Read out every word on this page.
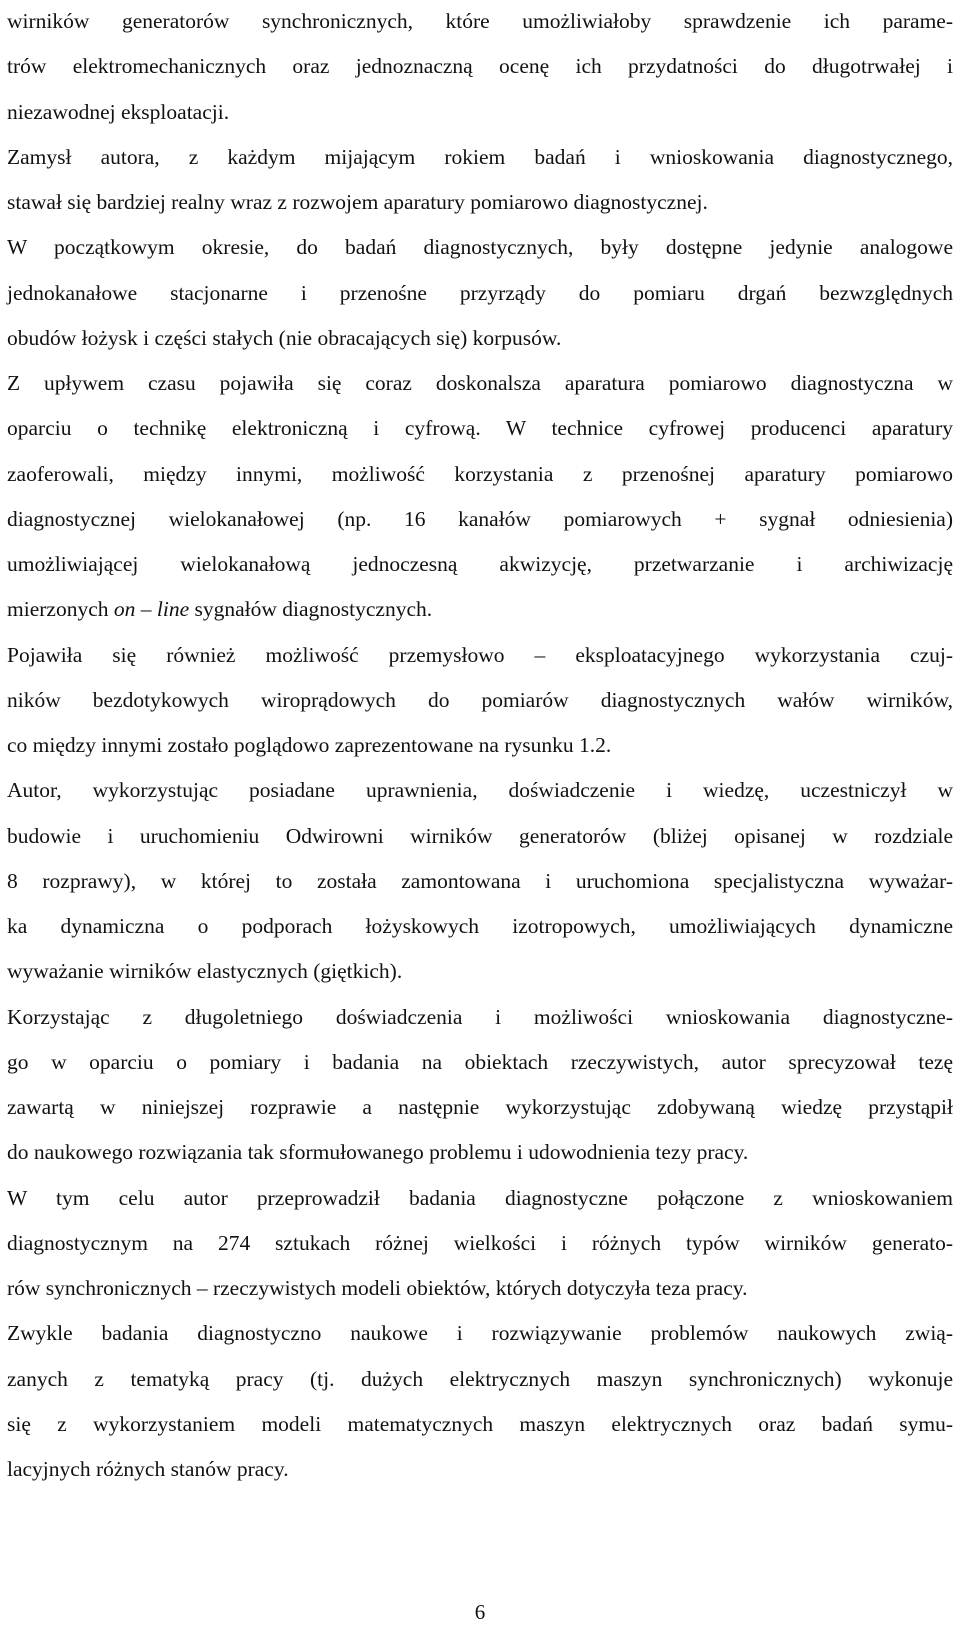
wirników generatorów synchronicznych, które umożliwiałoby sprawdzenie ich parame-
trów elektromechanicznych oraz jednoznaczną ocenę ich przydatności do długotrwałej i
niezawodnej eksploatacji.
Zamysł autora, z każdym mijającym rokiem badań i wnioskowania diagnostycznego,
stawał się bardziej realny wraz z rozwojem aparatury pomiarowo diagnostycznej.
W początkowym okresie, do badań diagnostycznych, były dostępne jedynie analogowe
jednokanałowe stacjonarne i przenośne przyrządy do pomiaru drgań bezwzględnych
obudów łożysk i części stałych (nie obracających się) korpusów.
Z upływem czasu pojawiła się coraz doskonalsza aparatura pomiarowo diagnostyczna w
oparciu o technikę elektroniczną i cyfrową. W technice cyfrowej producenci aparatury
zaoferowali, między innymi, możliwość korzystania z przenośnej aparatury pomiarowo
diagnostycznej wielokanałowej (np. 16 kanałów pomiarowych + sygnał odniesienia)
umożliwiającej wielokanałową jednoczesną akwizycję, przetwarzanie i archiwizację
mierzonych on – line sygnałów diagnostycznych.
Pojawiła się również możliwość przemysłowo – eksploatacyjnego wykorzystania czuj-
ników bezdotykowych wiroprądowych do pomiarów diagnostycznych wałów wirników,
co między innymi zostało poglądowo zaprezentowane na rysunku 1.2.
Autor, wykorzystując posiadane uprawnienia, doświadczenie i wiedzę, uczestniczył w
budowie i uruchomieniu Odwirowni wirników generatorów (bliżej opisanej w rozdziale
8 rozprawy), w której to została zamontowana i uruchomiona specjalistyczna wyważar-
ka dynamiczna o podporach łożyskowych izotropowych, umożliwiających dynamiczne
wyważanie wirników elastycznych (giętkich).
Korzystając z długoletniego doświadczenia i możliwości wnioskowania diagnostyczne-
go w oparciu o pomiary i badania na obiektach rzeczywistych, autor sprecyzował tezę
zawartą w niniejszej rozprawie a następnie wykorzystując zdobywaną wiedzę przystąpił
do naukowego rozwiązania tak sformułowanego problemu i udowodnienia tezy pracy.
W tym celu autor przeprowadził badania diagnostyczne połączone z wnioskowaniem
diagnostycznym na 274 sztukach różnej wielkości i różnych typów wirników generato-
rów synchronicznych – rzeczywistych modeli obiektów, których dotyczyła teza pracy.
Zwykle badania diagnostyczno naukowe i rozwiązywanie problemów naukowych zwią-
zanych z tematyką pracy (tj. dużych elektrycznych maszyn synchronicznych) wykonuje
się z wykorzystaniem modeli matematycznych maszyn elektrycznych oraz badań symu-
lacyjnych różnych stanów pracy.
6
